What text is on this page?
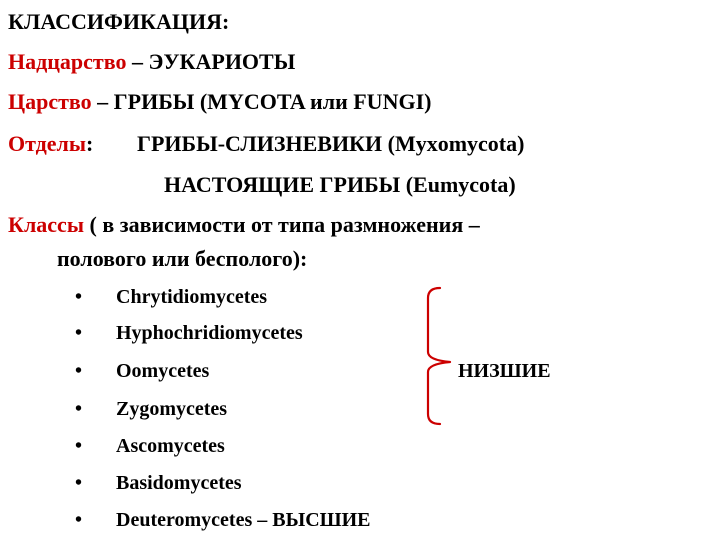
КЛАССИФИКАЦИЯ:
Надцарство – ЭУКАРИОТЫ
Царство – ГРИБЫ (MYCOTA или FUNGI)
Отделы: ГРИБЫ-СЛИЗНЕВИКИ (Myxomycota)
НАСТОЯЩИЕ ГРИБЫ (Eumycota)
Классы ( в зависимости от типа размножения –
полового или бесполого):
• Chrytidiomycetes
• Hyphochridiomycetes
• Oomycetes
• Zygomycetes
• Ascomycetes
• Basidomycetes
• Deuteromycetes – ВЫСШИЕ
НИЗШИЕ
